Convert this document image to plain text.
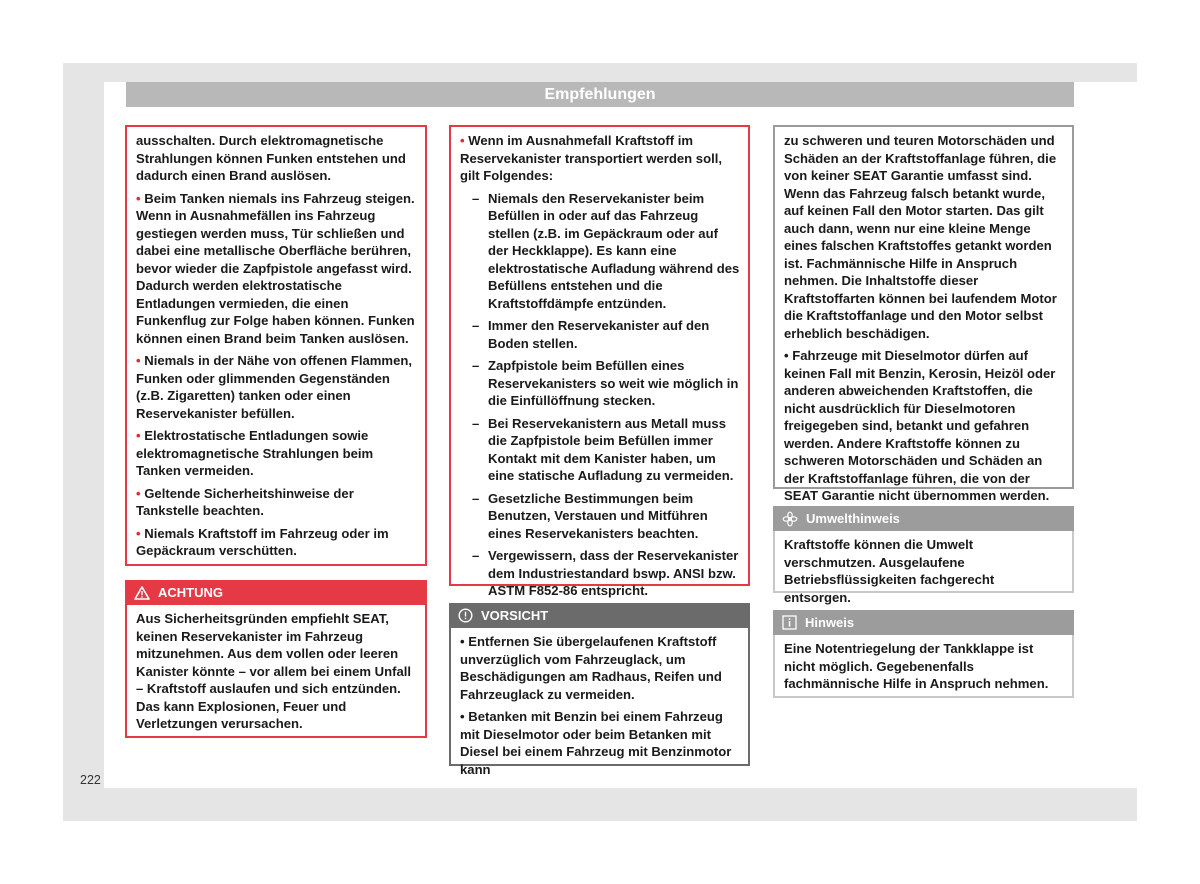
Empfehlungen

ausschalten. Durch elektromagnetische Strahlungen können Funken entstehen und dadurch einen Brand auslösen.

• Beim Tanken niemals ins Fahrzeug steigen. Wenn in Ausnahmefällen ins Fahrzeug gestiegen werden muss, Tür schließen und dabei eine metallische Oberfläche berühren, bevor wieder die Zapfpistole angefasst wird. Dadurch werden elektrostatische Entladungen vermieden, die einen Funkenflug zur Folge haben können. Funken können einen Brand beim Tanken auslösen.

• Niemals in der Nähe von offenen Flammen, Funken oder glimmenden Gegenständen (z.B. Zigaretten) tanken oder einen Reservekanister befüllen.

• Elektrostatische Entladungen sowie elektromagnetische Strahlungen beim Tanken vermeiden.

• Geltende Sicherheitshinweise der Tankstelle beachten.

• Niemals Kraftstoff im Fahrzeug oder im Gepäckraum verschütten.

ACHTUNG

Aus Sicherheitsgründen empfiehlt SEAT, keinen Reservekanister im Fahrzeug mitzunehmen. Aus dem vollen oder leeren Kanister könnte – vor allem bei einem Unfall – Kraftstoff auslaufen und sich entzünden. Das kann Explosionen, Feuer und Verletzungen verursachen.

• Wenn im Ausnahmefall Kraftstoff im Reservekanister transportiert werden soll, gilt Folgendes:

– Niemals den Reservekanister beim Befüllen in oder auf das Fahrzeug stellen (z.B. im Gepäckraum oder auf der Heckklappe). Es kann eine elektrostatische Aufladung während des Befüllens entstehen und die Kraftstoffdämpfe entzünden.
– Immer den Reservekanister auf den Boden stellen.
– Zapfpistole beim Befüllen eines Reservekanisters so weit wie möglich in die Einfüllöffnung stecken.
– Bei Reservekanistern aus Metall muss die Zapfpistole beim Befüllen immer Kontakt mit dem Kanister haben, um eine statische Aufladung zu vermeiden.
– Gesetzliche Bestimmungen beim Benutzen, Verstauen und Mitführen eines Reservekanisters beachten.
– Vergewissern, dass der Reservekanister dem Industriestandard bswp. ANSI bzw. ASTM F852-86 entspricht.
VORSICHT

• Entfernen Sie übergelaufenen Kraftstoff unverzüglich vom Fahrzeuglack, um Beschädigungen am Radhaus, Reifen und Fahrzeuglack zu vermeiden.

• Betanken mit Benzin bei einem Fahrzeug mit Dieselmotor oder beim Betanken mit Diesel bei einem Fahrzeug mit Benzinmotor kann

zu schweren und teuren Motorschäden und Schäden an der Kraftstoffanlage führen, die von keiner SEAT Garantie umfasst sind. Wenn das Fahrzeug falsch betankt wurde, auf keinen Fall den Motor starten. Das gilt auch dann, wenn nur eine kleine Menge eines falschen Kraftstoffes getankt worden ist. Fachmännische Hilfe in Anspruch nehmen. Die Inhaltstoffe dieser Kraftstoffarten können bei laufendem Motor die Kraftstoffanlage und den Motor selbst erheblich beschädigen.

• Fahrzeuge mit Dieselmotor dürfen auf keinen Fall mit Benzin, Kerosin, Heizöl oder anderen abweichenden Kraftstoffen, die nicht ausdrücklich für Dieselmotoren freigegeben sind, betankt und gefahren werden. Andere Kraftstoffe können zu schweren Motorschäden und Schäden an der Kraftstoffanlage führen, die von der SEAT Garantie nicht übernommen werden.

Umwelthinweis

Kraftstoffe können die Umwelt verschmutzen. Ausgelaufene Betriebsflüssigkeiten fachgerecht entsorgen.

Hinweis

Eine Notentriegelung der Tankklappe ist nicht möglich. Gegebenenfalls fachmännische Hilfe in Anspruch nehmen.

222
